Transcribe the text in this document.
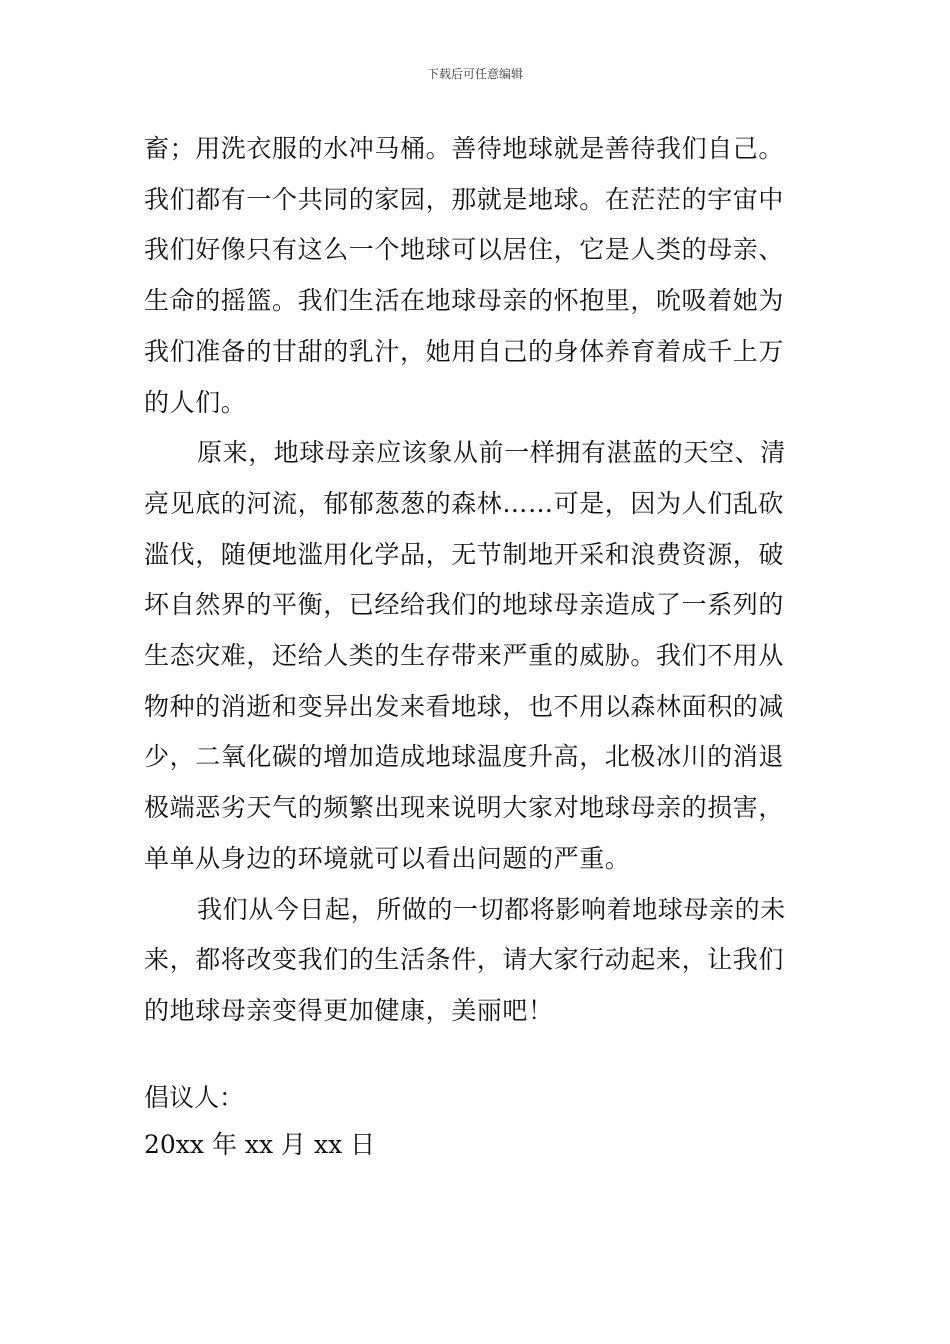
下载后可任意编辑
畜；用洗衣服的水冲马桶。善待地球就是善待我们自己。
我们都有一个共同的家园，那就是地球。在茫茫的宇宙中
我们好像只有这么一个地球可以居住，它是人类的母亲、
生命的摇篮。我们生活在地球母亲的怀抱里，吮吸着她为
我们准备的甘甜的乳汁，她用自己的身体养育着成千上万
的人们。
原来，地球母亲应该象从前一样拥有湛蓝的天空、清
亮见底的河流，郁郁葱葱的森林……可是，因为人们乱砍
滥伐，随便地滥用化学品，无节制地开采和浪费资源，破
坏自然界的平衡，已经给我们的地球母亲造成了一系列的
生态灾难，还给人类的生存带来严重的威胁。我们不用从
物种的消逝和变异出发来看地球，也不用以森林面积的减
少，二氧化碳的增加造成地球温度升高，北极冰川的消退
极端恶劣天气的频繁出现来说明大家对地球母亲的损害，
单单从身边的环境就可以看出问题的严重。
我们从今日起，所做的一切都将影响着地球母亲的未
来，都将改变我们的生活条件，请大家行动起来，让我们
的地球母亲变得更加健康，美丽吧！
倡议人：
20xx 年 xx 月 xx 日
